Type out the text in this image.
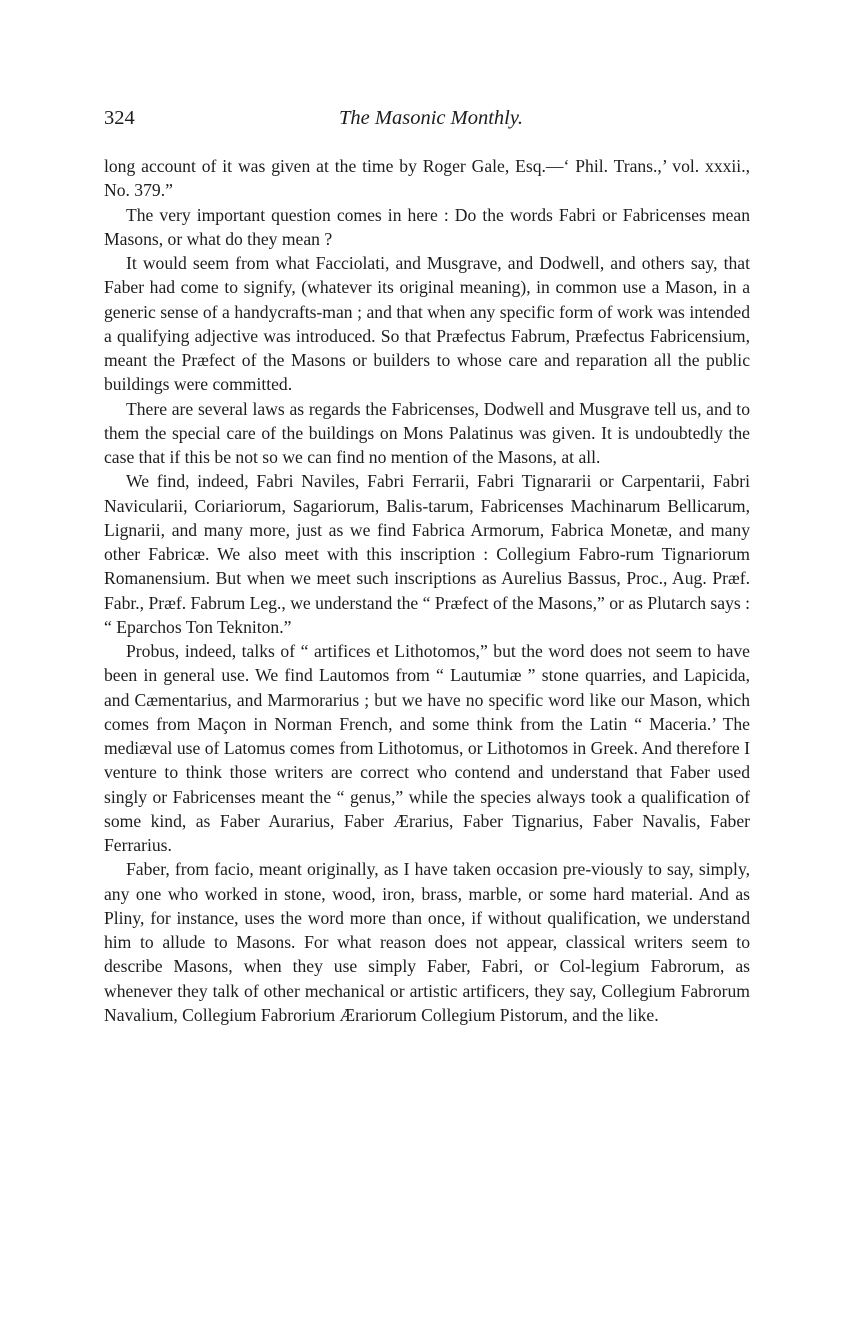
324	The Masonic Monthly.

long account of it was given at the time by Roger Gale, Esq.—‘ Phil. Trans.,’ vol. xxxii., No. 379.”

The very important question comes in here : Do the words Fabri or Fabricenses mean Masons, or what do they mean ?

It would seem from what Facciolati, and Musgrave, and Dodwell, and others say, that Faber had come to signify, (whatever its original meaning), in common use a Mason, in a generic sense of a handycrafts-man ; and that when any specific form of work was intended a qualifying adjective was introduced. So that Præfectus Fabrum, Præfectus Fabricensium, meant the Præfect of the Masons or builders to whose care and reparation all the public buildings were committed.

There are several laws as regards the Fabricenses, Dodwell and Musgrave tell us, and to them the special care of the buildings on Mons Palatinus was given. It is undoubtedly the case that if this be not so we can find no mention of the Masons, at all.

We find, indeed, Fabri Naviles, Fabri Ferrarii, Fabri Tignararii or Carpentarii, Fabri Navicularii, Coriariorum, Sagariorum, Balis-tarum, Fabricenses Machinarum Bellicarum, Lignarii, and many more, just as we find Fabrica Armorum, Fabrica Monetæ, and many other Fabricæ. We also meet with this inscription : Collegium Fabro-rum Tignariorum Romanensium. But when we meet such inscriptions as Aurelius Bassus, Proc., Aug. Præf. Fabr., Præf. Fabrum Leg., we understand the “ Præfect of the Masons,” or as Plutarch says : “ Eparchos Ton Tekniton.”

Probus, indeed, talks of “ artifices et Lithotomos,” but the word does not seem to have been in general use. We find Lautomos from “ Lautumiæ ” stone quarries, and Lapicida, and Cæmentarius, and Marmorarius ; but we have no specific word like our Mason, which comes from Maçon in Norman French, and some think from the Latin “ Maceria.’ The mediæval use of Latomus comes from Lithotomus, or Lithotomos in Greek. And therefore I venture to think those writers are correct who contend and understand that Faber used singly or Fabricenses meant the “ genus,” while the species always took a qualification of some kind, as Faber Aurarius, Faber Ærarius, Faber Tignarius, Faber Navalis, Faber Ferrarius.

Faber, from facio, meant originally, as I have taken occasion pre-viously to say, simply, any one who worked in stone, wood, iron, brass, marble, or some hard material. And as Pliny, for instance, uses the word more than once, if without qualification, we understand him to allude to Masons. For what reason does not appear, classical writers seem to describe Masons, when they use simply Faber, Fabri, or Col-legium Fabrorum, as whenever they talk of other mechanical or artistic artificers, they say, Collegium Fabrorum Navalium, Collegium Fabrorium Ærariorum Collegium Pistorum, and the like.
